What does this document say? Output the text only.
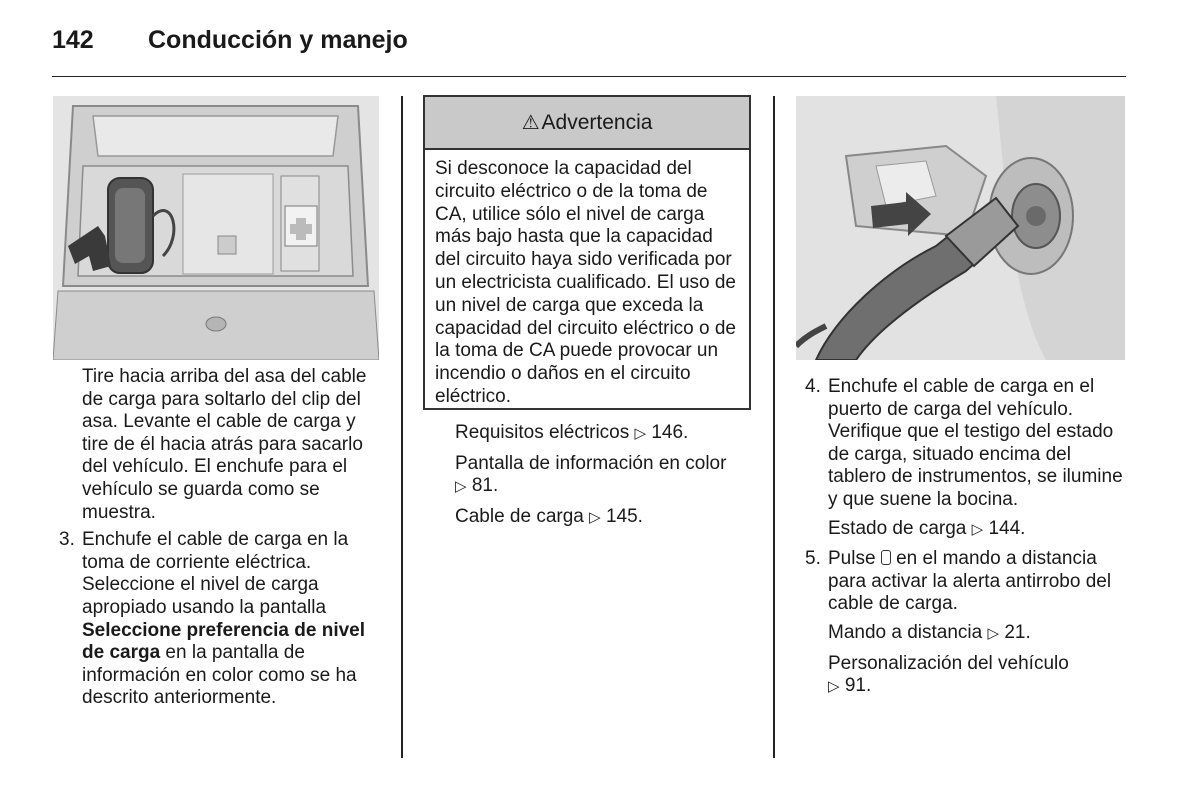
142 Conducción y manejo

Tire hacia arriba del asa del cable de carga para soltarlo del clip del asa. Levante el cable de carga y tire de él hacia atrás para sacarlo del vehículo. El enchufe para el vehículo se guarda como se muestra.

3. Enchufe el cable de carga en la toma de corriente eléctrica. Seleccione el nivel de carga apropiado usando la pantalla Seleccione preferencia de nivel de carga en la pantalla de información en color como se ha descrito anteriormente.

⚠ Advertencia
Si desconoce la capacidad del circuito eléctrico o de la toma de CA, utilice sólo el nivel de carga más bajo hasta que la capacidad del circuito haya sido verificada por un electricista cualificado. El uso de un nivel de carga que exceda la capacidad del circuito eléctrico o de la toma de CA puede provocar un incendio o daños en el circuito eléctrico.

Requisitos eléctricos ▷ 146.

Pantalla de información en color
▷ 81.

Cable de carga ▷ 145.

4. Enchufe el cable de carga en el puerto de carga del vehículo. Verifique que el testigo del estado de carga, situado encima del tablero de instrumentos, se ilumine y que suene la bocina.

Estado de carga ▷ 144.

5. Pulse en el mando a distancia para activar la alerta antirrobo del cable de carga.

Mando a distancia ▷ 21.

Personalización del vehículo
▷ 91.
